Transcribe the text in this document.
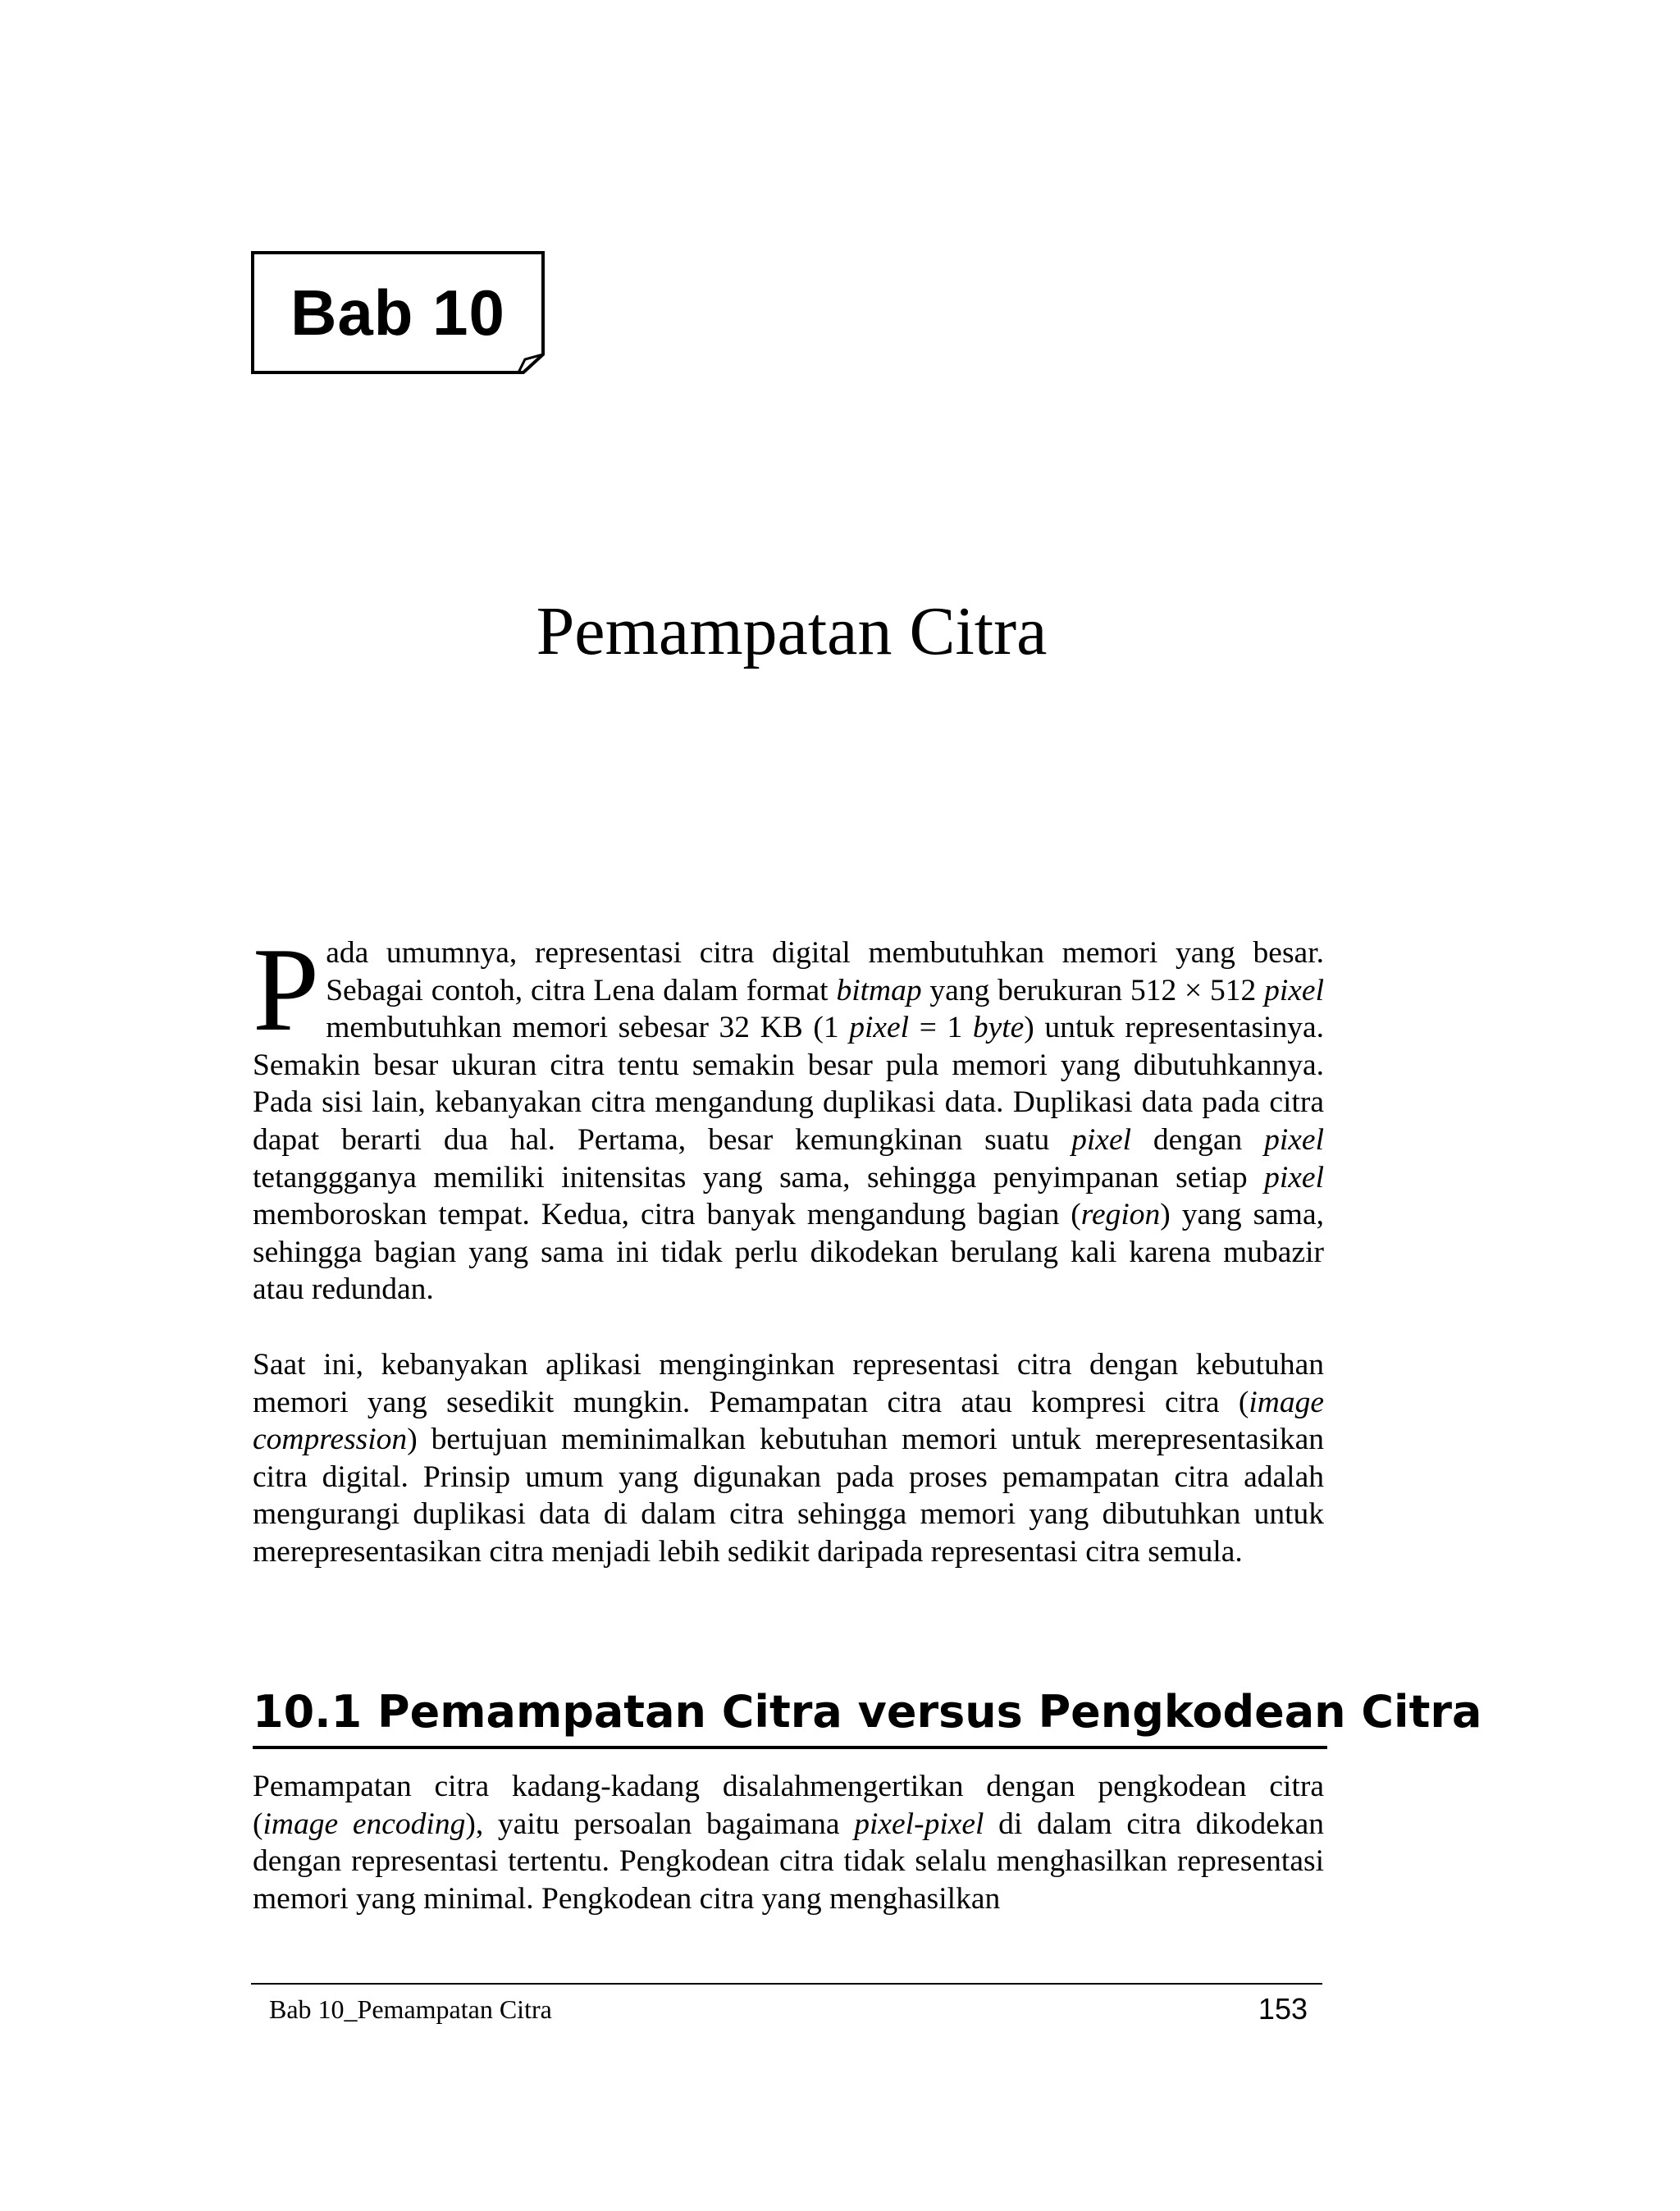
Bab 10
Pemampatan Citra

Pada umumnya, representasi citra digital membutuhkan memori yang besar. Sebagai contoh, citra Lena dalam format bitmap yang berukuran 512 × 512 pixel membutuhkan memori sebesar 32 KB (1 pixel = 1 byte) untuk representasinya. Semakin besar ukuran citra tentu semakin besar pula memori yang dibutuhkannya. Pada sisi lain, kebanyakan citra mengandung duplikasi data. Duplikasi data pada citra dapat berarti dua hal. Pertama, besar kemungkinan suatu pixel dengan pixel tetanggganya memiliki initensitas yang sama, sehingga penyimpanan setiap pixel memboroskan tempat. Kedua, citra banyak mengandung bagian (region) yang sama, sehingga bagian yang sama ini tidak perlu dikodekan berulang kali karena mubazir atau redundan.

Saat ini, kebanyakan aplikasi menginginkan representasi citra dengan kebutuhan memori yang sesedikit mungkin. Pemampatan citra atau kompresi citra (image compression) bertujuan meminimalkan kebutuhan memori untuk merepresentasikan citra digital. Prinsip umum yang digunakan pada proses pemampatan citra adalah mengurangi duplikasi data di dalam citra sehingga memori yang dibutuhkan untuk merepresentasikan citra menjadi lebih sedikit daripada representasi citra semula.

10.1 Pemampatan Citra versus Pengkodean Citra

Pemampatan citra kadang-kadang disalahmengertikan dengan pengkodean citra (image encoding), yaitu persoalan bagaimana pixel-pixel di dalam citra dikodekan dengan representasi tertentu. Pengkodean citra tidak selalu menghasilkan representasi memori yang minimal. Pengkodean citra yang menghasilkan

Bab 10_Pemampatan Citra	153
